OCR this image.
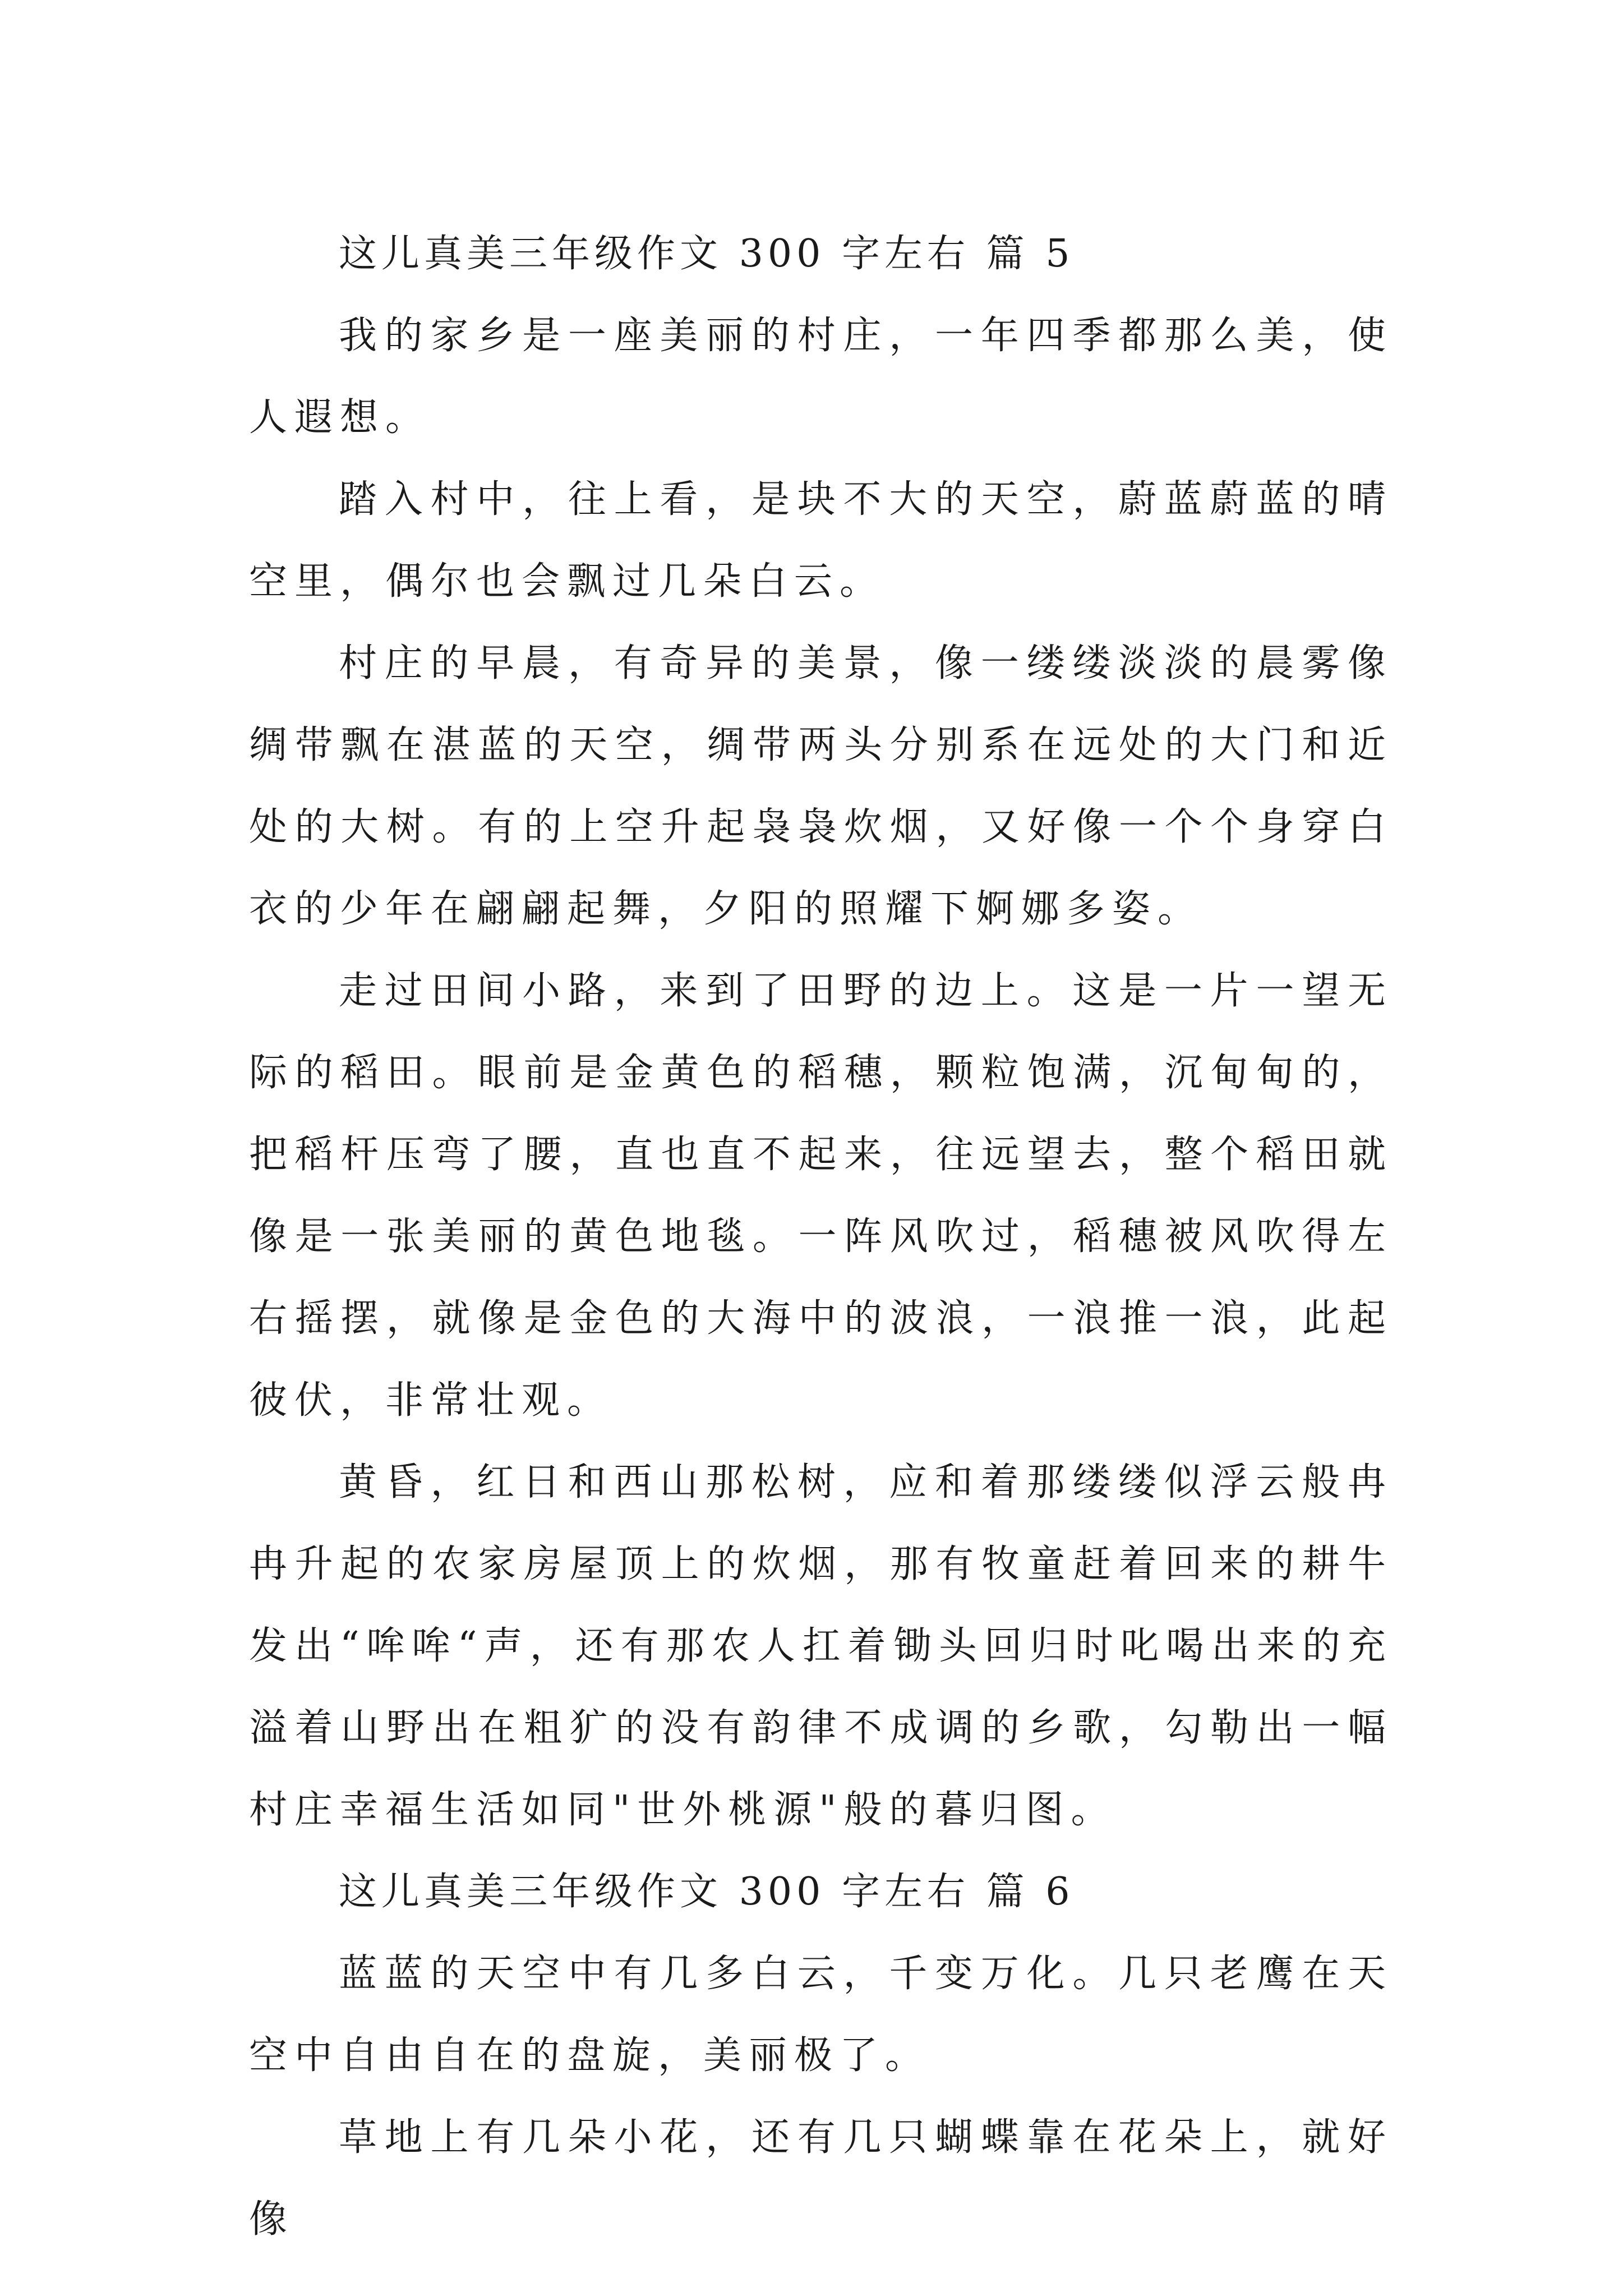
这儿真美三年级作文 300 字左右 篇 5

我的家乡是一座美丽的村庄，一年四季都那么美，使人遐想。

踏入村中，往上看，是块不大的天空，蔚蓝蔚蓝的晴空里，偶尔也会飘过几朵白云。

村庄的早晨，有奇异的美景，像一缕缕淡淡的晨雾像绸带飘在湛蓝的天空，绸带两头分别系在远处的大门和近处的大树。有的上空升起袅袅炊烟，又好像一个个身穿白衣的少年在翩翩起舞，夕阳的照耀下婀娜多姿。

走过田间小路，来到了田野的边上。这是一片一望无际的稻田。眼前是金黄色的稻穗，颗粒饱满，沉甸甸的，把稻杆压弯了腰，直也直不起来，往远望去，整个稻田就像是一张美丽的黄色地毯。一阵风吹过，稻穗被风吹得左右摇摆，就像是金色的大海中的波浪，一浪推一浪，此起彼伏，非常壮观。

黄昏，红日和西山那松树，应和着那缕缕似浮云般冉冉升起的农家房屋顶上的炊烟，那有牧童赶着回来的耕牛发出“哞哞“声，还有那农人扛着锄头回归时叱喝出来的充溢着山野出在粗犷的没有韵律不成调的乡歌，勾勒出一幅村庄幸福生活如同"世外桃源"般的暮归图。

这儿真美三年级作文 300 字左右 篇 6

蓝蓝的天空中有几多白云，千变万化。几只老鹰在天空中自由自在的盘旋，美丽极了。

草地上有几朵小花，还有几只蝴蝶靠在花朵上，就好像
